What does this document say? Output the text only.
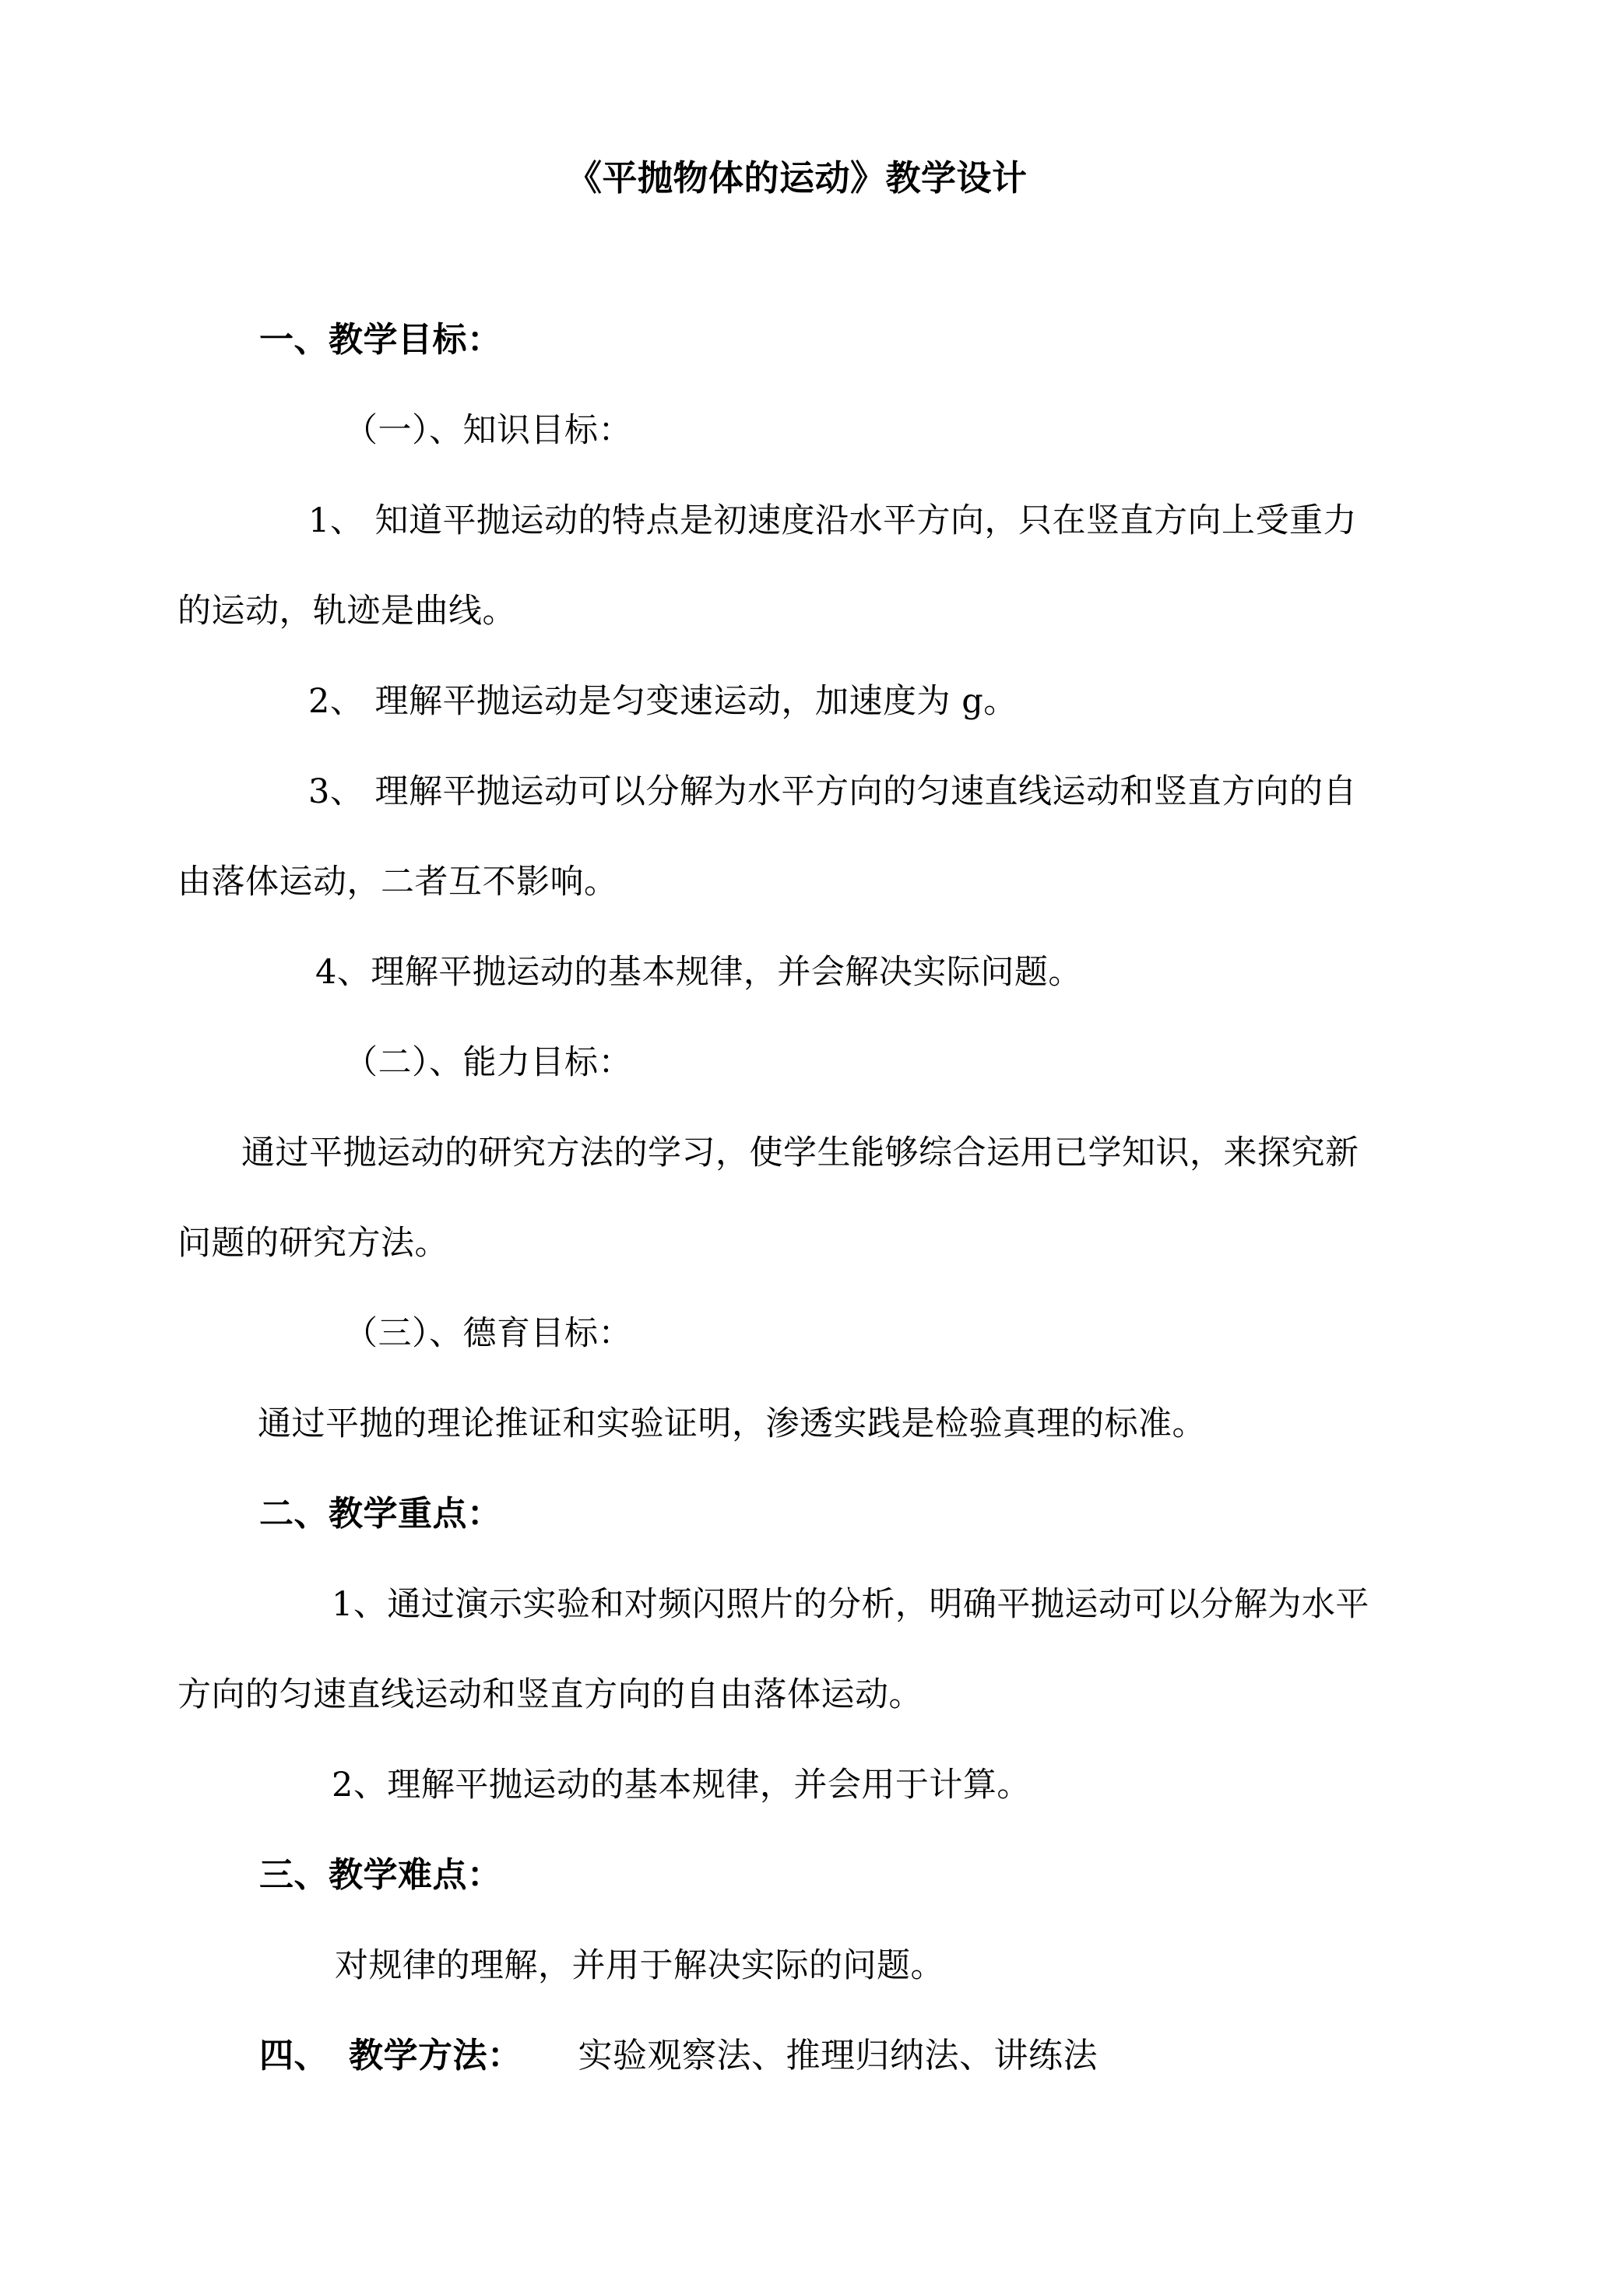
《平抛物体的运动》教学设计
一、教学目标：
（一）、知识目标：
1、 知道平抛运动的特点是初速度沿水平方向，只在竖直方向上受重力
的运动，轨迹是曲线。
2、 理解平抛运动是匀变速运动，加速度为 g。
3、 理解平抛运动可以分解为水平方向的匀速直线运动和竖直方向的自
由落体运动，二者互不影响。
4、理解平抛运动的基本规律，并会解决实际问题。
（二）、能力目标：
通过平抛运动的研究方法的学习，使学生能够综合运用已学知识，来探究新
问题的研究方法。
（三）、德育目标：
通过平抛的理论推证和实验证明，渗透实践是检验真理的标准。
二、教学重点：
1、通过演示实验和对频闪照片的分析，明确平抛运动可以分解为水平
方向的匀速直线运动和竖直方向的自由落体运动。
2、理解平抛运动的基本规律，并会用于计算。
三、教学难点：
对规律的理解，并用于解决实际的问题。
四、 教学方法： 实验观察法、推理归纳法、讲练法
